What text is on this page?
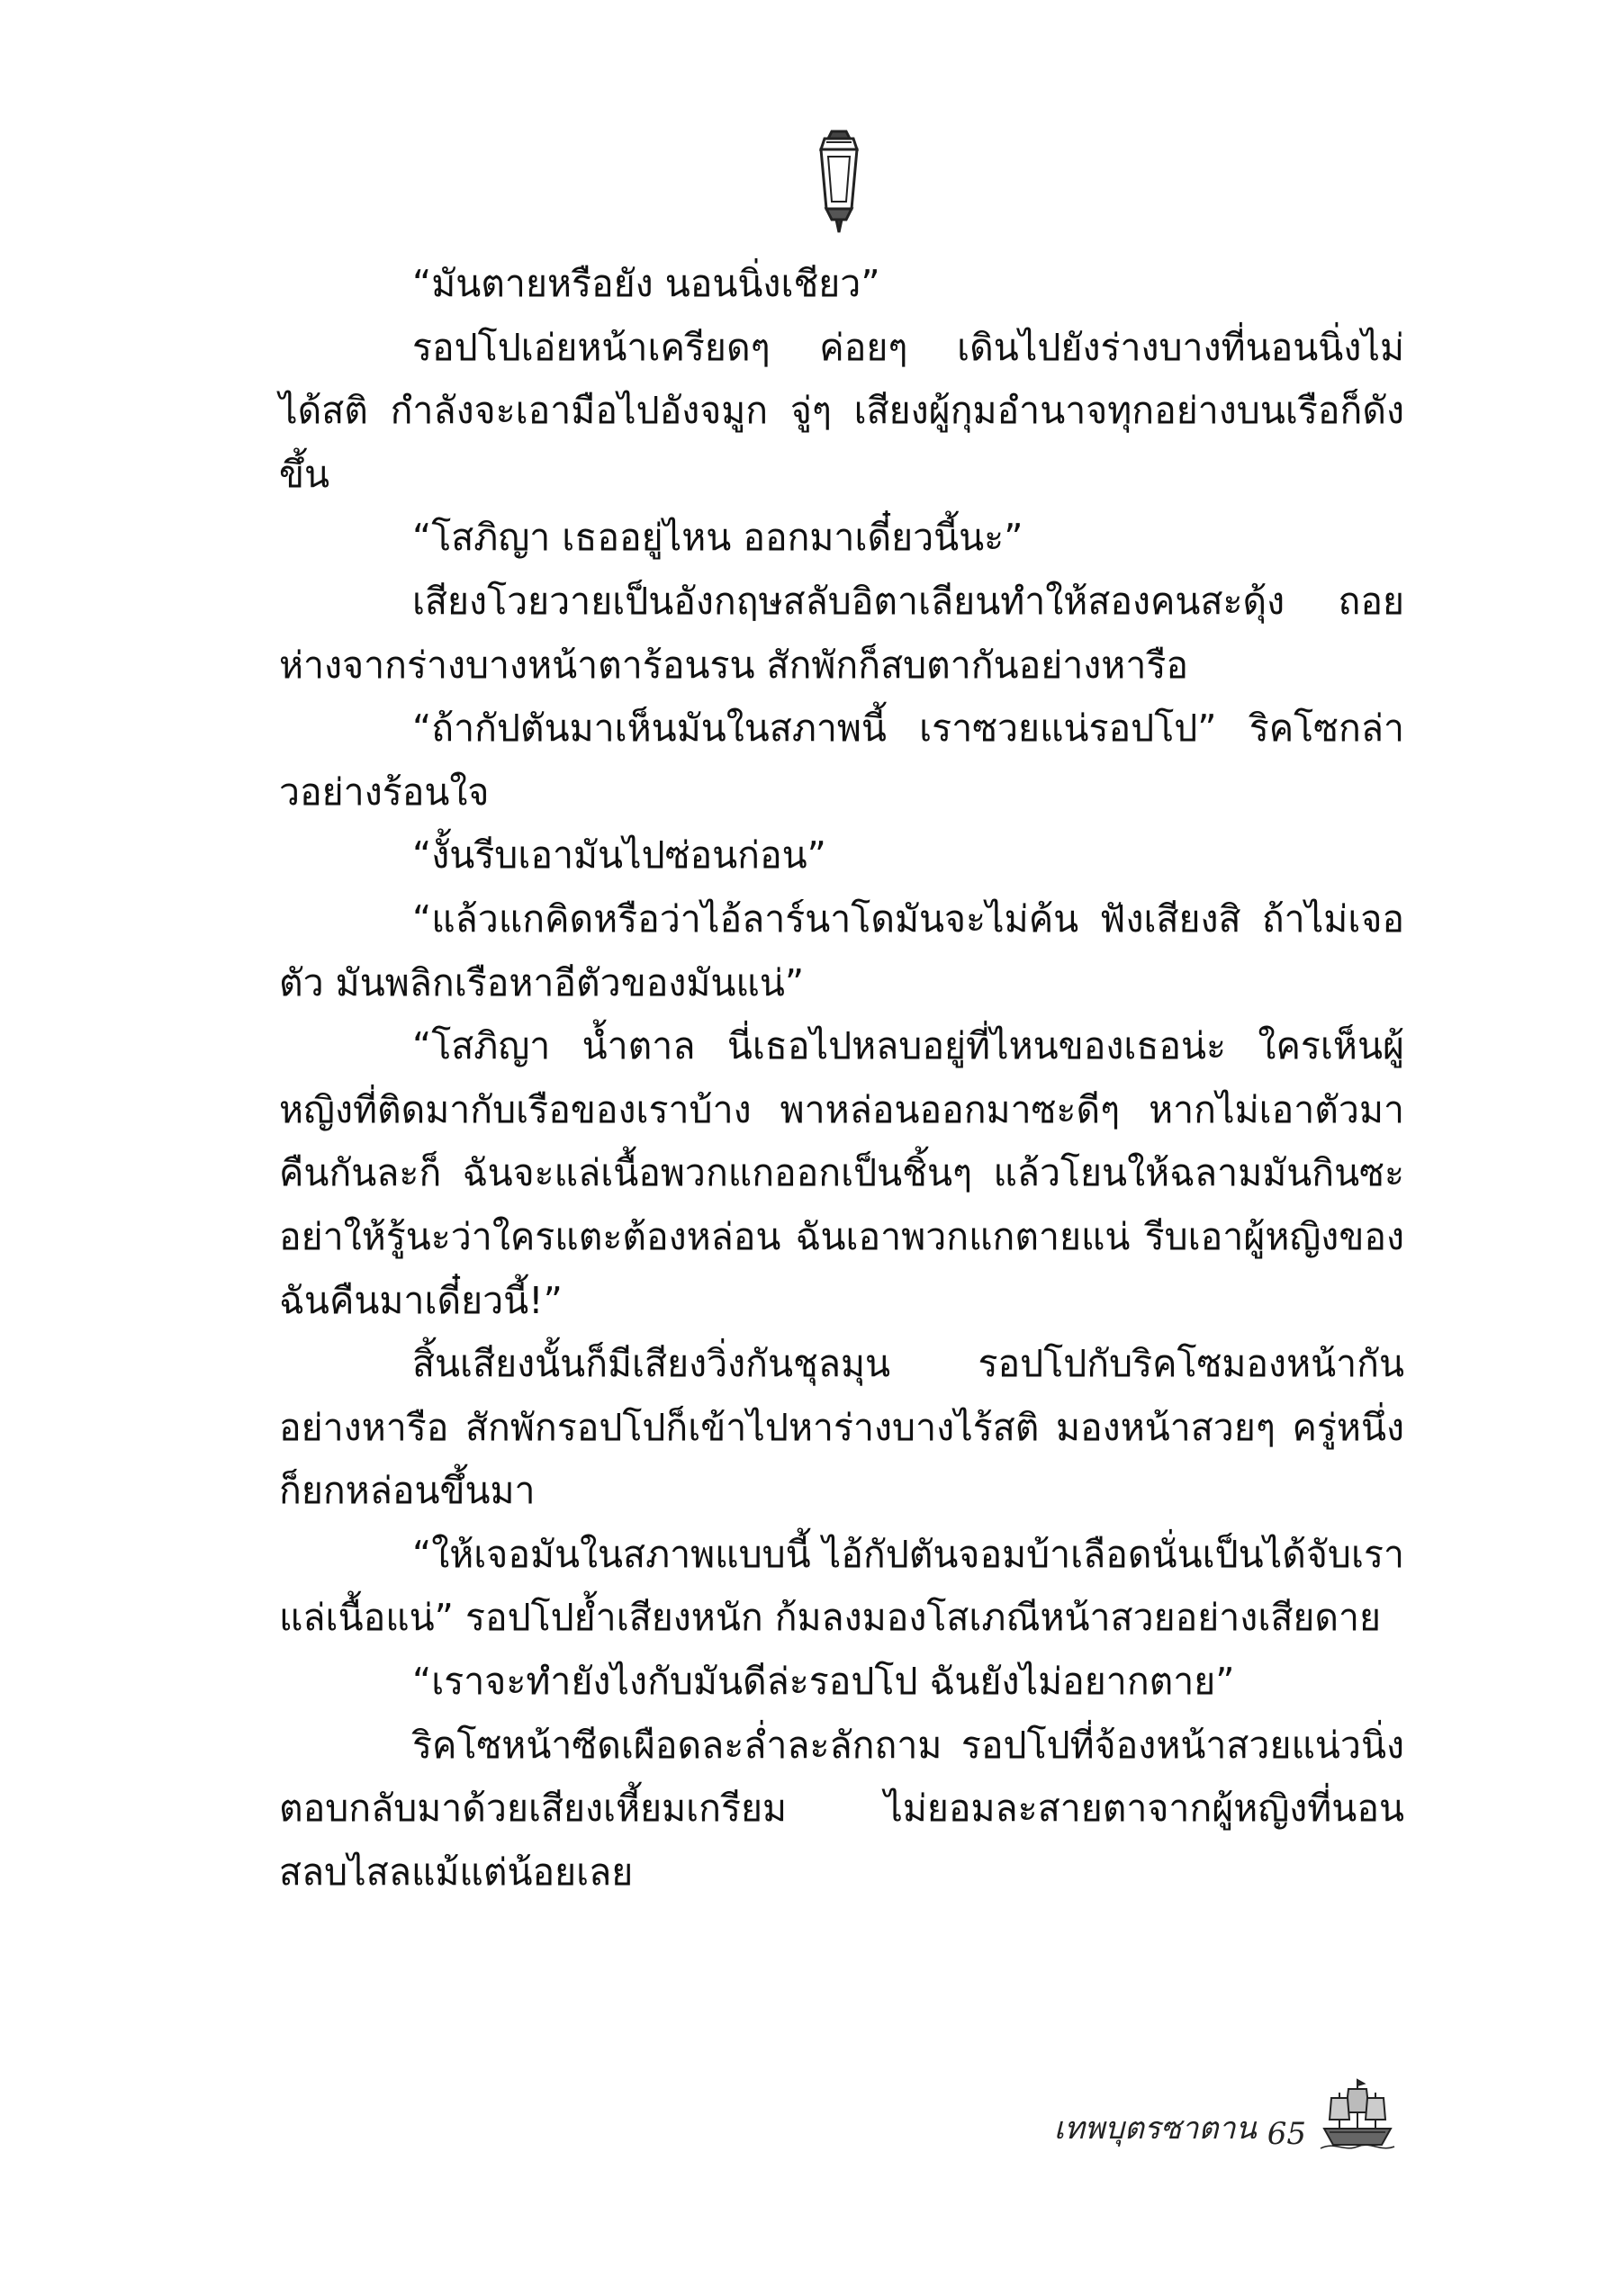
“มันตายหรือยัง นอนนิ่งเชียว”

รอปโปเอ่ยหน้าเครียดๆ ค่อยๆ เดินไปยังร่างบางที่นอนนิ่งไม่ได้สติ กำลังจะเอามือไปอังจมูก จู่ๆ เสียงผู้กุมอำนาจทุกอย่างบนเรือก็ดังขึ้น

“โสภิญา เธออยู่ไหน ออกมาเดี๋ยวนี้นะ”

เสียงโวยวายเป็นอังกฤษสลับอิตาเลียนทำให้สองคนสะดุ้ง ถอยห่างจากร่างบางหน้าตาร้อนรน สักพักก็สบตากันอย่างหารือ

“ถ้ากัปตันมาเห็นมันในสภาพนี้ เราซวยแน่รอปโป” ริคโซกล่าวอย่างร้อนใจ

“งั้นรีบเอามันไปซ่อนก่อน”

“แล้วแกคิดหรือว่าไอ้ลาร์นาโดมันจะไม่ค้น ฟังเสียงสิ ถ้าไม่เจอตัว มันพลิกเรือหาอีตัวของมันแน่”

“โสภิญา น้ำตาล นี่เธอไปหลบอยู่ที่ไหนของเธอน่ะ ใครเห็นผู้หญิงที่ติดมากับเรือของเราบ้าง พาหล่อนออกมาซะดีๆ หากไม่เอาตัวมาคืนกันละก็ ฉันจะแล่เนื้อพวกแกออกเป็นชิ้นๆ แล้วโยนให้ฉลามมันกินซะ อย่าให้รู้นะว่าใครแตะต้องหล่อน ฉันเอาพวกแกตายแน่ รีบเอาผู้หญิงของฉันคืนมาเดี๋ยวนี้!”

สิ้นเสียงนั้นก็มีเสียงวิ่งกันชุลมุน รอปโปกับริคโซมองหน้ากันอย่างหารือ สักพักรอปโปก็เข้าไปหาร่างบางไร้สติ มองหน้าสวยๆ ครู่หนึ่งก็ยกหล่อนขึ้นมา

“ให้เจอมันในสภาพแบบนี้ ไอ้กัปตันจอมบ้าเลือดนั่นเป็นได้จับเราแล่เนื้อแน่” รอปโปย้ำเสียงหนัก ก้มลงมองโสเภณีหน้าสวยอย่างเสียดาย

“เราจะทำยังไงกับมันดีล่ะรอปโป ฉันยังไม่อยากตาย”

ริคโซหน้าซีดเผือดละล่ำละลักถาม รอปโปที่จ้องหน้าสวยแน่วนิ่งตอบกลับมาด้วยเสียงเหี้ยมเกรียม ไม่ยอมละสายตาจากผู้หญิงที่นอนสลบไสลแม้แต่น้อยเลย

เทพบุตรซาตาน 65
